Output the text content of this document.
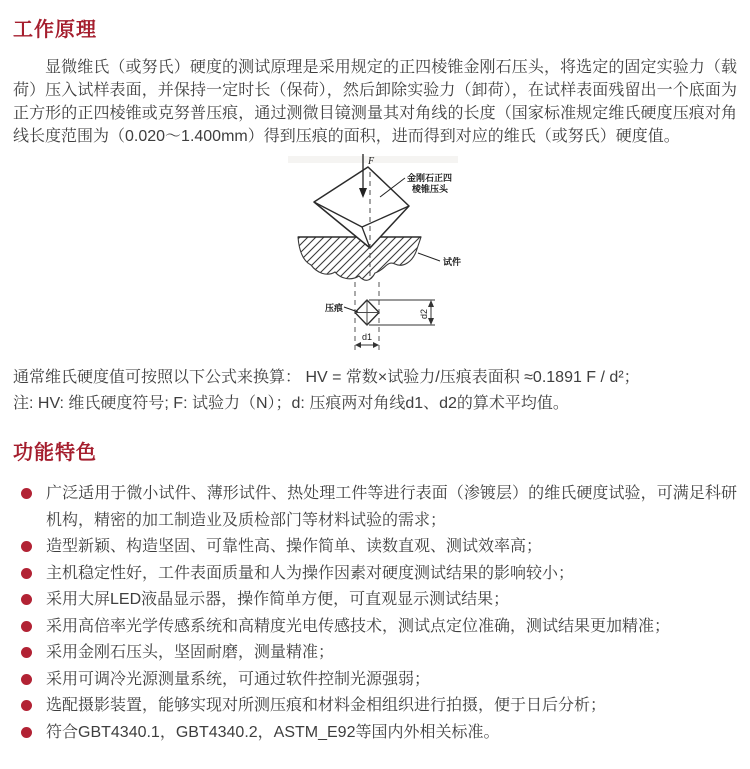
工作原理

显微维氏（或努氏）硬度的测试原理是采用规定的正四棱锥金刚石压头，将选定的固定实验力（载荷）压入试样表面，并保持一定时长（保荷），然后卸除实验力（卸荷），在试样表面残留出一个底面为正方形的正四棱锥或克努普压痕，通过测微目镜测量其对角线的长度（国家标准规定维氏硬度压痕对角线长度范围为（0.020～1.400mm）得到压痕的面积，进而得到对应的维氏（或努氏）硬度值。

F
d2
d1
压痕
试件
金刚石正四
棱锥压头

通常维氏硬度值可按照以下公式来换算： HV = 常数×试验力/压痕表面积 ≈0.1891 F / d²；

注: HV: 维氏硬度符号; F: 试验力（N）；d: 压痕两对角线d1、d2的算术平均值。

功能特色
广泛适用于微小试件、薄形试件、热处理工件等进行表面（渗镀层）的维氏硬度试验，可满足科研机构，精密的加工制造业及质检部门等材料试验的需求；
造型新颖、构造坚固、可靠性高、操作简单、读数直观、测试效率高；
主机稳定性好，工件表面质量和人为操作因素对硬度测试结果的影响较小；
采用大屏LED液晶显示器，操作简单方便，可直观显示测试结果；
采用高倍率光学传感系统和高精度光电传感技术，测试点定位准确，测试结果更加精准；
采用金刚石压头，坚固耐磨，测量精准；
采用可调冷光源测量系统，可通过软件控制光源强弱；
选配摄影装置，能够实现对所测压痕和材料金相组织进行拍摄，便于日后分析；
符合GBT4340.1，GBT4340.2，ASTM_E92等国内外相关标准。
